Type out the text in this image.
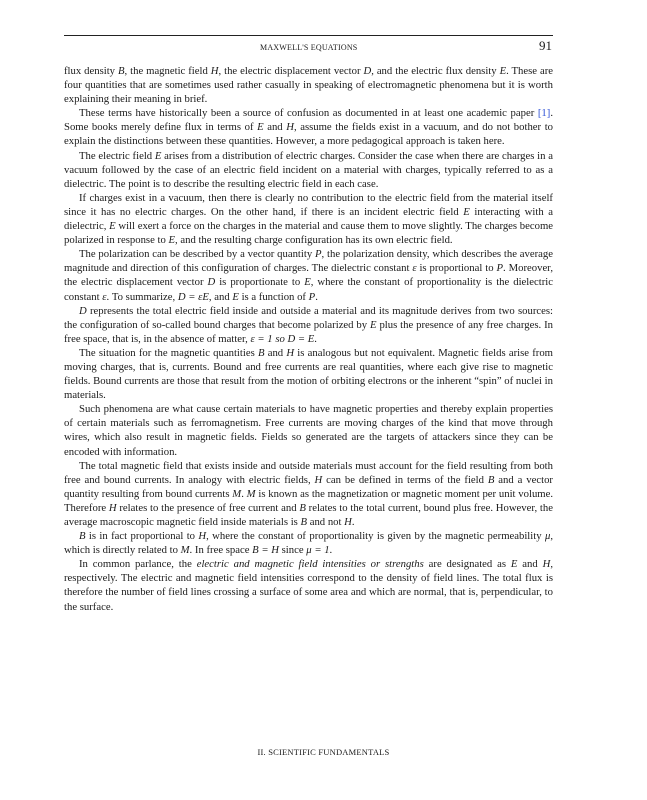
MAXWELL'S EQUATIONS	91

flux density B, the magnetic field H, the electric displacement vector D, and the electric flux density E. These are four quantities that are sometimes used rather casually in speaking of electromagnetic phenomena but it is worth explaining their meaning in brief.

These terms have historically been a source of confusion as documented in at least one academic paper [1]. Some books merely define flux in terms of E and H, assume the fields exist in a vacuum, and do not bother to explain the distinctions between these quantities. However, a more pedagogical approach is taken here.

The electric field E arises from a distribution of electric charges. Consider the case when there are charges in a vacuum followed by the case of an electric field incident on a material with charges, typically referred to as a dielectric. The point is to describe the resulting electric field in each case.

If charges exist in a vacuum, then there is clearly no contribution to the electric field from the material itself since it has no electric charges. On the other hand, if there is an incident electric field E interacting with a dielectric, E will exert a force on the charges in the material and cause them to move slightly. The charges become polarized in response to E, and the resulting charge configuration has its own electric field.

The polarization can be described by a vector quantity P, the polarization density, which describes the average magnitude and direction of this configuration of charges. The dielectric constant ε is proportional to P. Moreover, the electric displacement vector D is proportionate to E, where the constant of proportionality is the dielectric constant ε. To summarize, D = εE, and E is a function of P.

D represents the total electric field inside and outside a material and its magnitude derives from two sources: the configuration of so-called bound charges that become polarized by E plus the presence of any free charges. In free space, that is, in the absence of matter, ε = 1 so D = E.

The situation for the magnetic quantities B and H is analogous but not equivalent. Magnetic fields arise from moving charges, that is, currents. Bound and free currents are real quantities, where each give rise to magnetic fields. Bound currents are those that result from the motion of orbiting electrons or the inherent “spin” of nuclei in materials.

Such phenomena are what cause certain materials to have magnetic properties and thereby explain properties of certain materials such as ferromagnetism. Free currents are moving charges of the kind that move through wires, which also result in magnetic fields. Fields so generated are the targets of attackers since they can be encoded with information.

The total magnetic field that exists inside and outside materials must account for the field resulting from both free and bound currents. In analogy with electric fields, H can be defined in terms of the field B and a vector quantity resulting from bound currents M. M is known as the magnetization or magnetic moment per unit volume. Therefore H relates to the presence of free current and B relates to the total current, bound plus free. However, the average macroscopic magnetic field inside materials is B and not H.

B is in fact proportional to H, where the constant of proportionality is given by the magnetic permeability μ, which is directly related to M. In free space B = H since μ = 1.

In common parlance, the electric and magnetic field intensities or strengths are designated as E and H, respectively. The electric and magnetic field intensities correspond to the density of field lines. The total flux is therefore the number of field lines crossing a surface of some area and which are normal, that is, perpendicular, to the surface.

II. SCIENTIFIC FUNDAMENTALS
